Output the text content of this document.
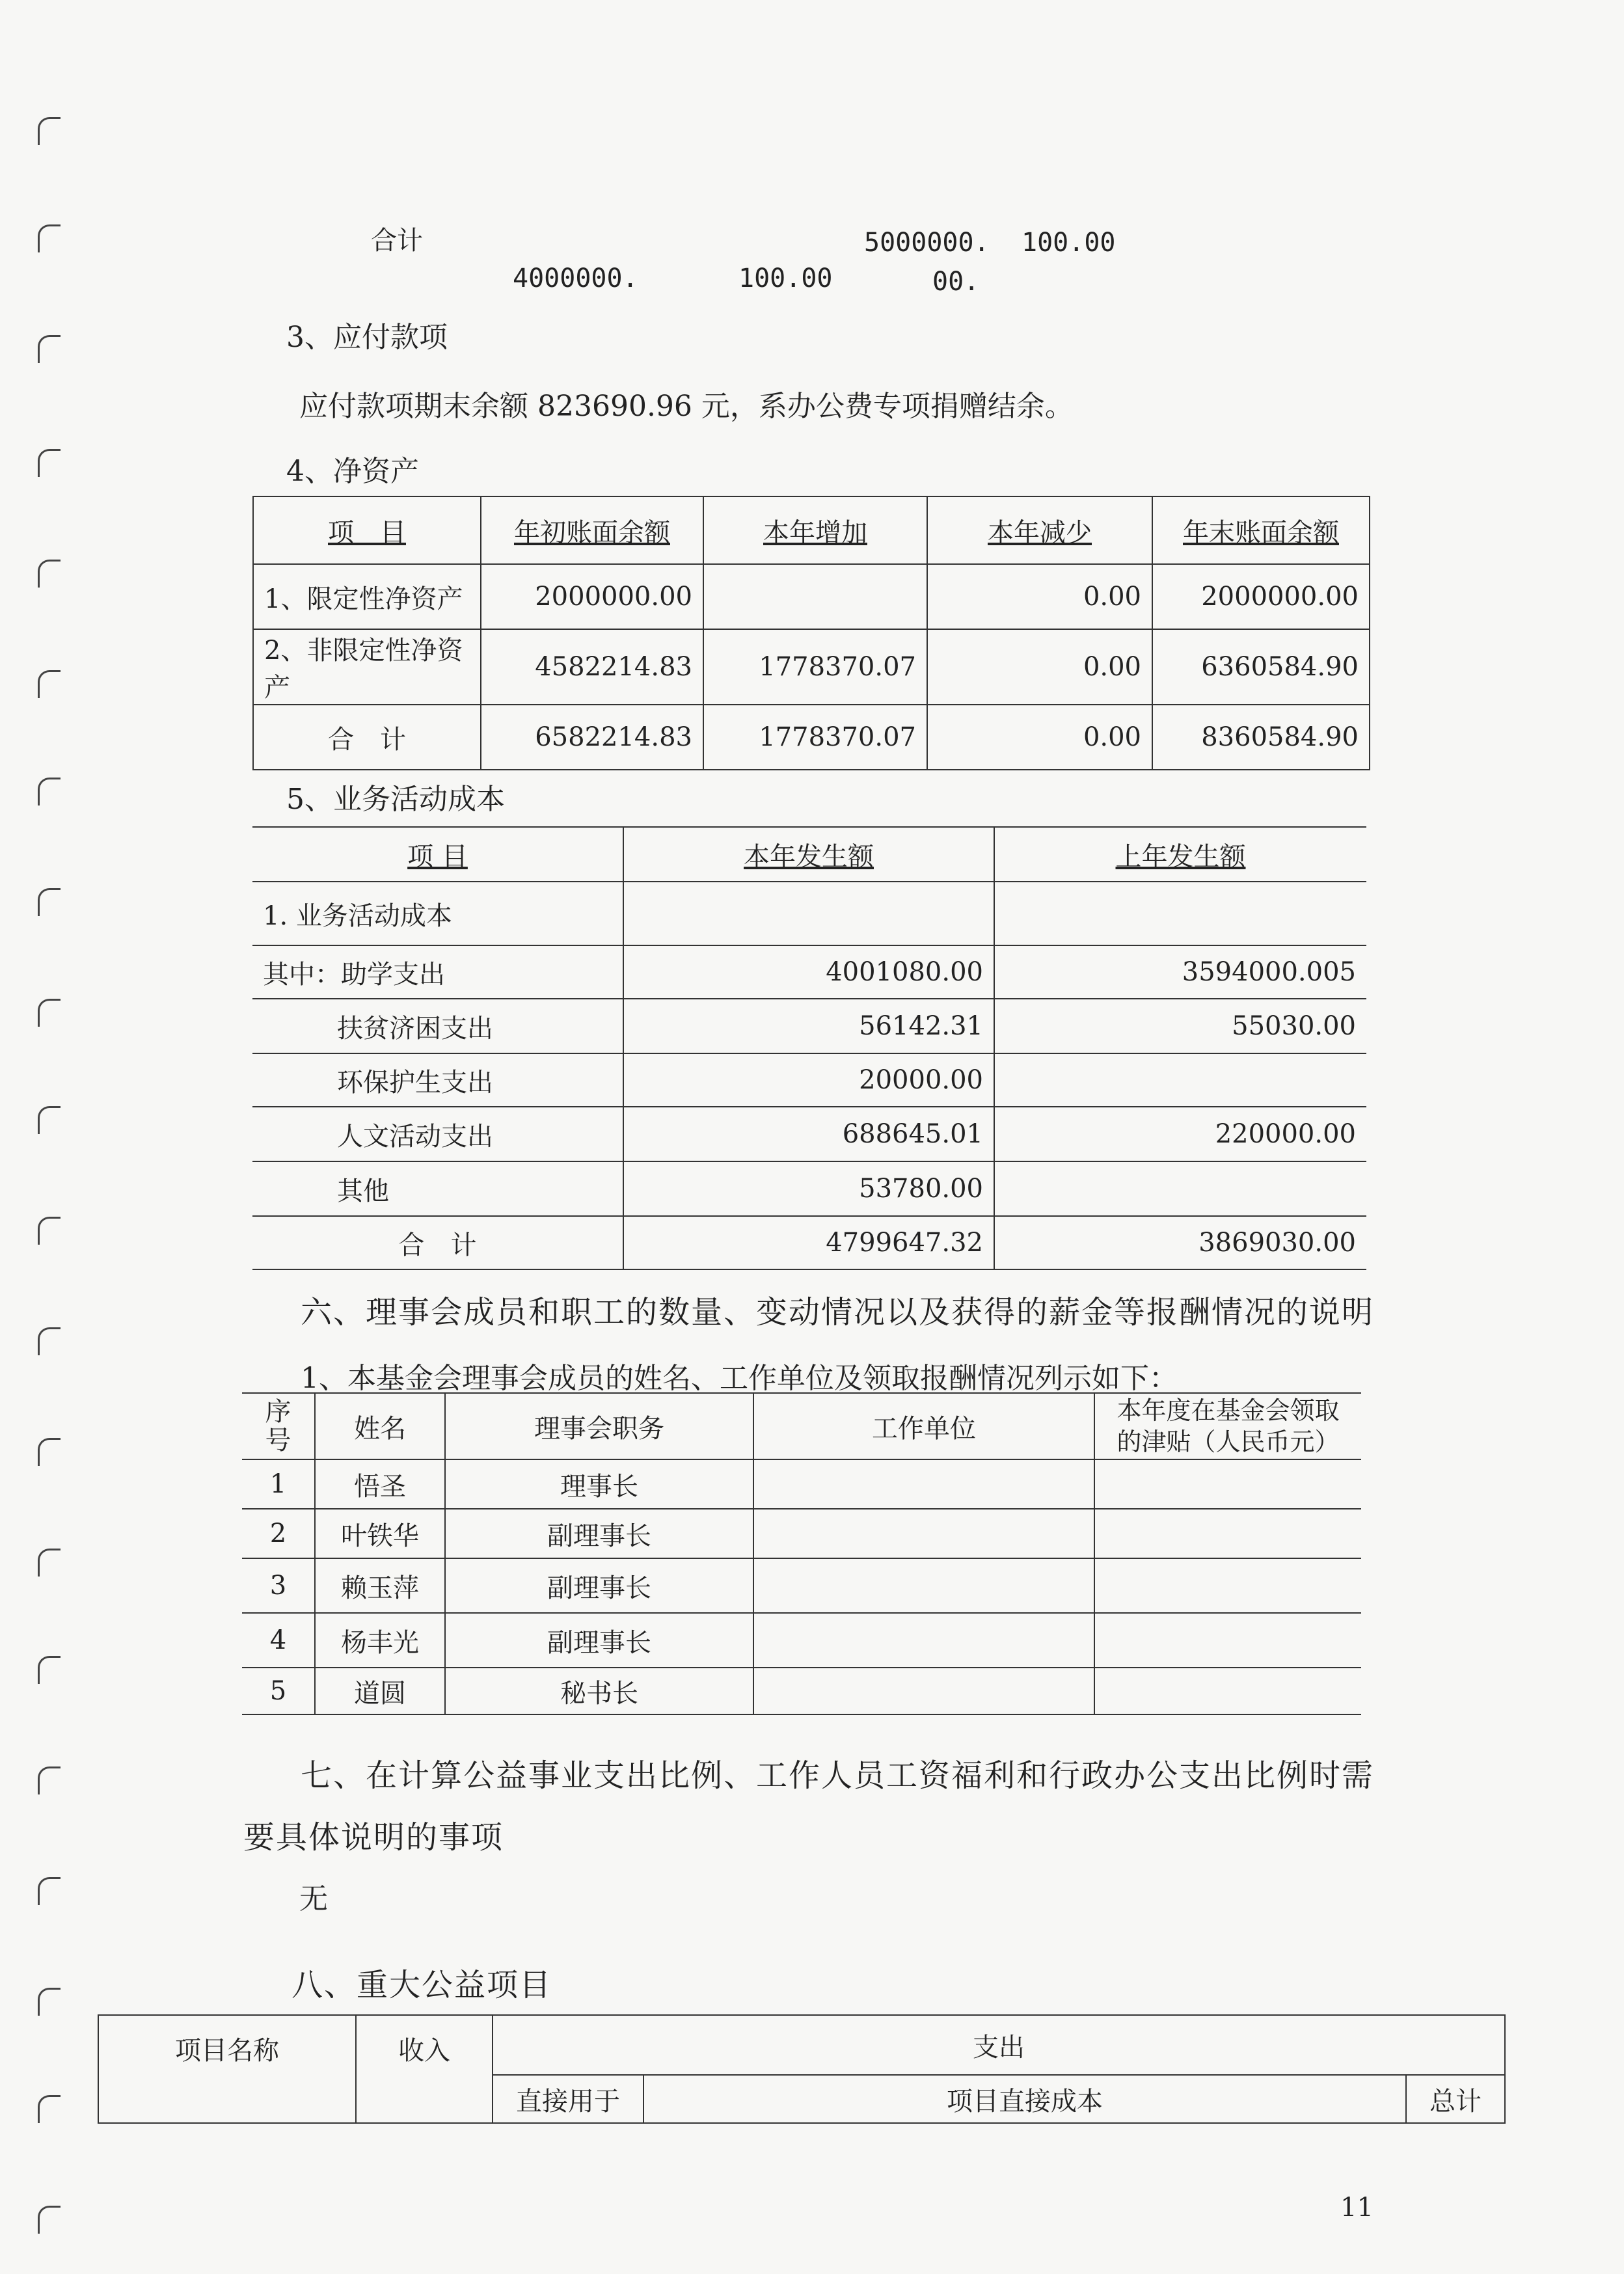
合计	5000000. 100.00
4000000.	100.00	00.
3、应付款项
应付款项期末余额 823690.96 元，系办公费专项捐赠结余。
4、净资产
项　目	年初账面余额	本年增加	本年减少	年末账面余额
1、限定性净资产	2000000.00		0.00	2000000.00
2、非限定性净资产	4582214.83	1778370.07	0.00	6360584.90
合　计	6582214.83	1778370.07	0.00	8360584.90
5、业务活动成本
项 目	本年发生额	上年发生额
1. 业务活动成本		
其中：助学支出	4001080.00	3594000.005
扶贫济困支出	56142.31	55030.00
环保护生支出	20000.00	
人文活动支出	688645.01	220000.00
其他	53780.00	
合　计	4799647.32	3869030.00
六、理事会成员和职工的数量、变动情况以及获得的薪金等报酬情况的说明
1、本基金会理事会成员的姓名、工作单位及领取报酬情况列示如下：
序号	姓名	理事会职务	工作单位	本年度在基金会领取的津贴（人民币元）
1	悟圣	理事长		
2	叶铁华	副理事长		
3	赖玉萍	副理事长		
4	杨丰光	副理事长		
5	道圆	秘书长		
七、在计算公益事业支出比例、工作人员工资福利和行政办公支出比例时需
要具体说明的事项
无
八、重大公益项目
项目名称	收入	支出		
		直接用于	项目直接成本	总计
11
